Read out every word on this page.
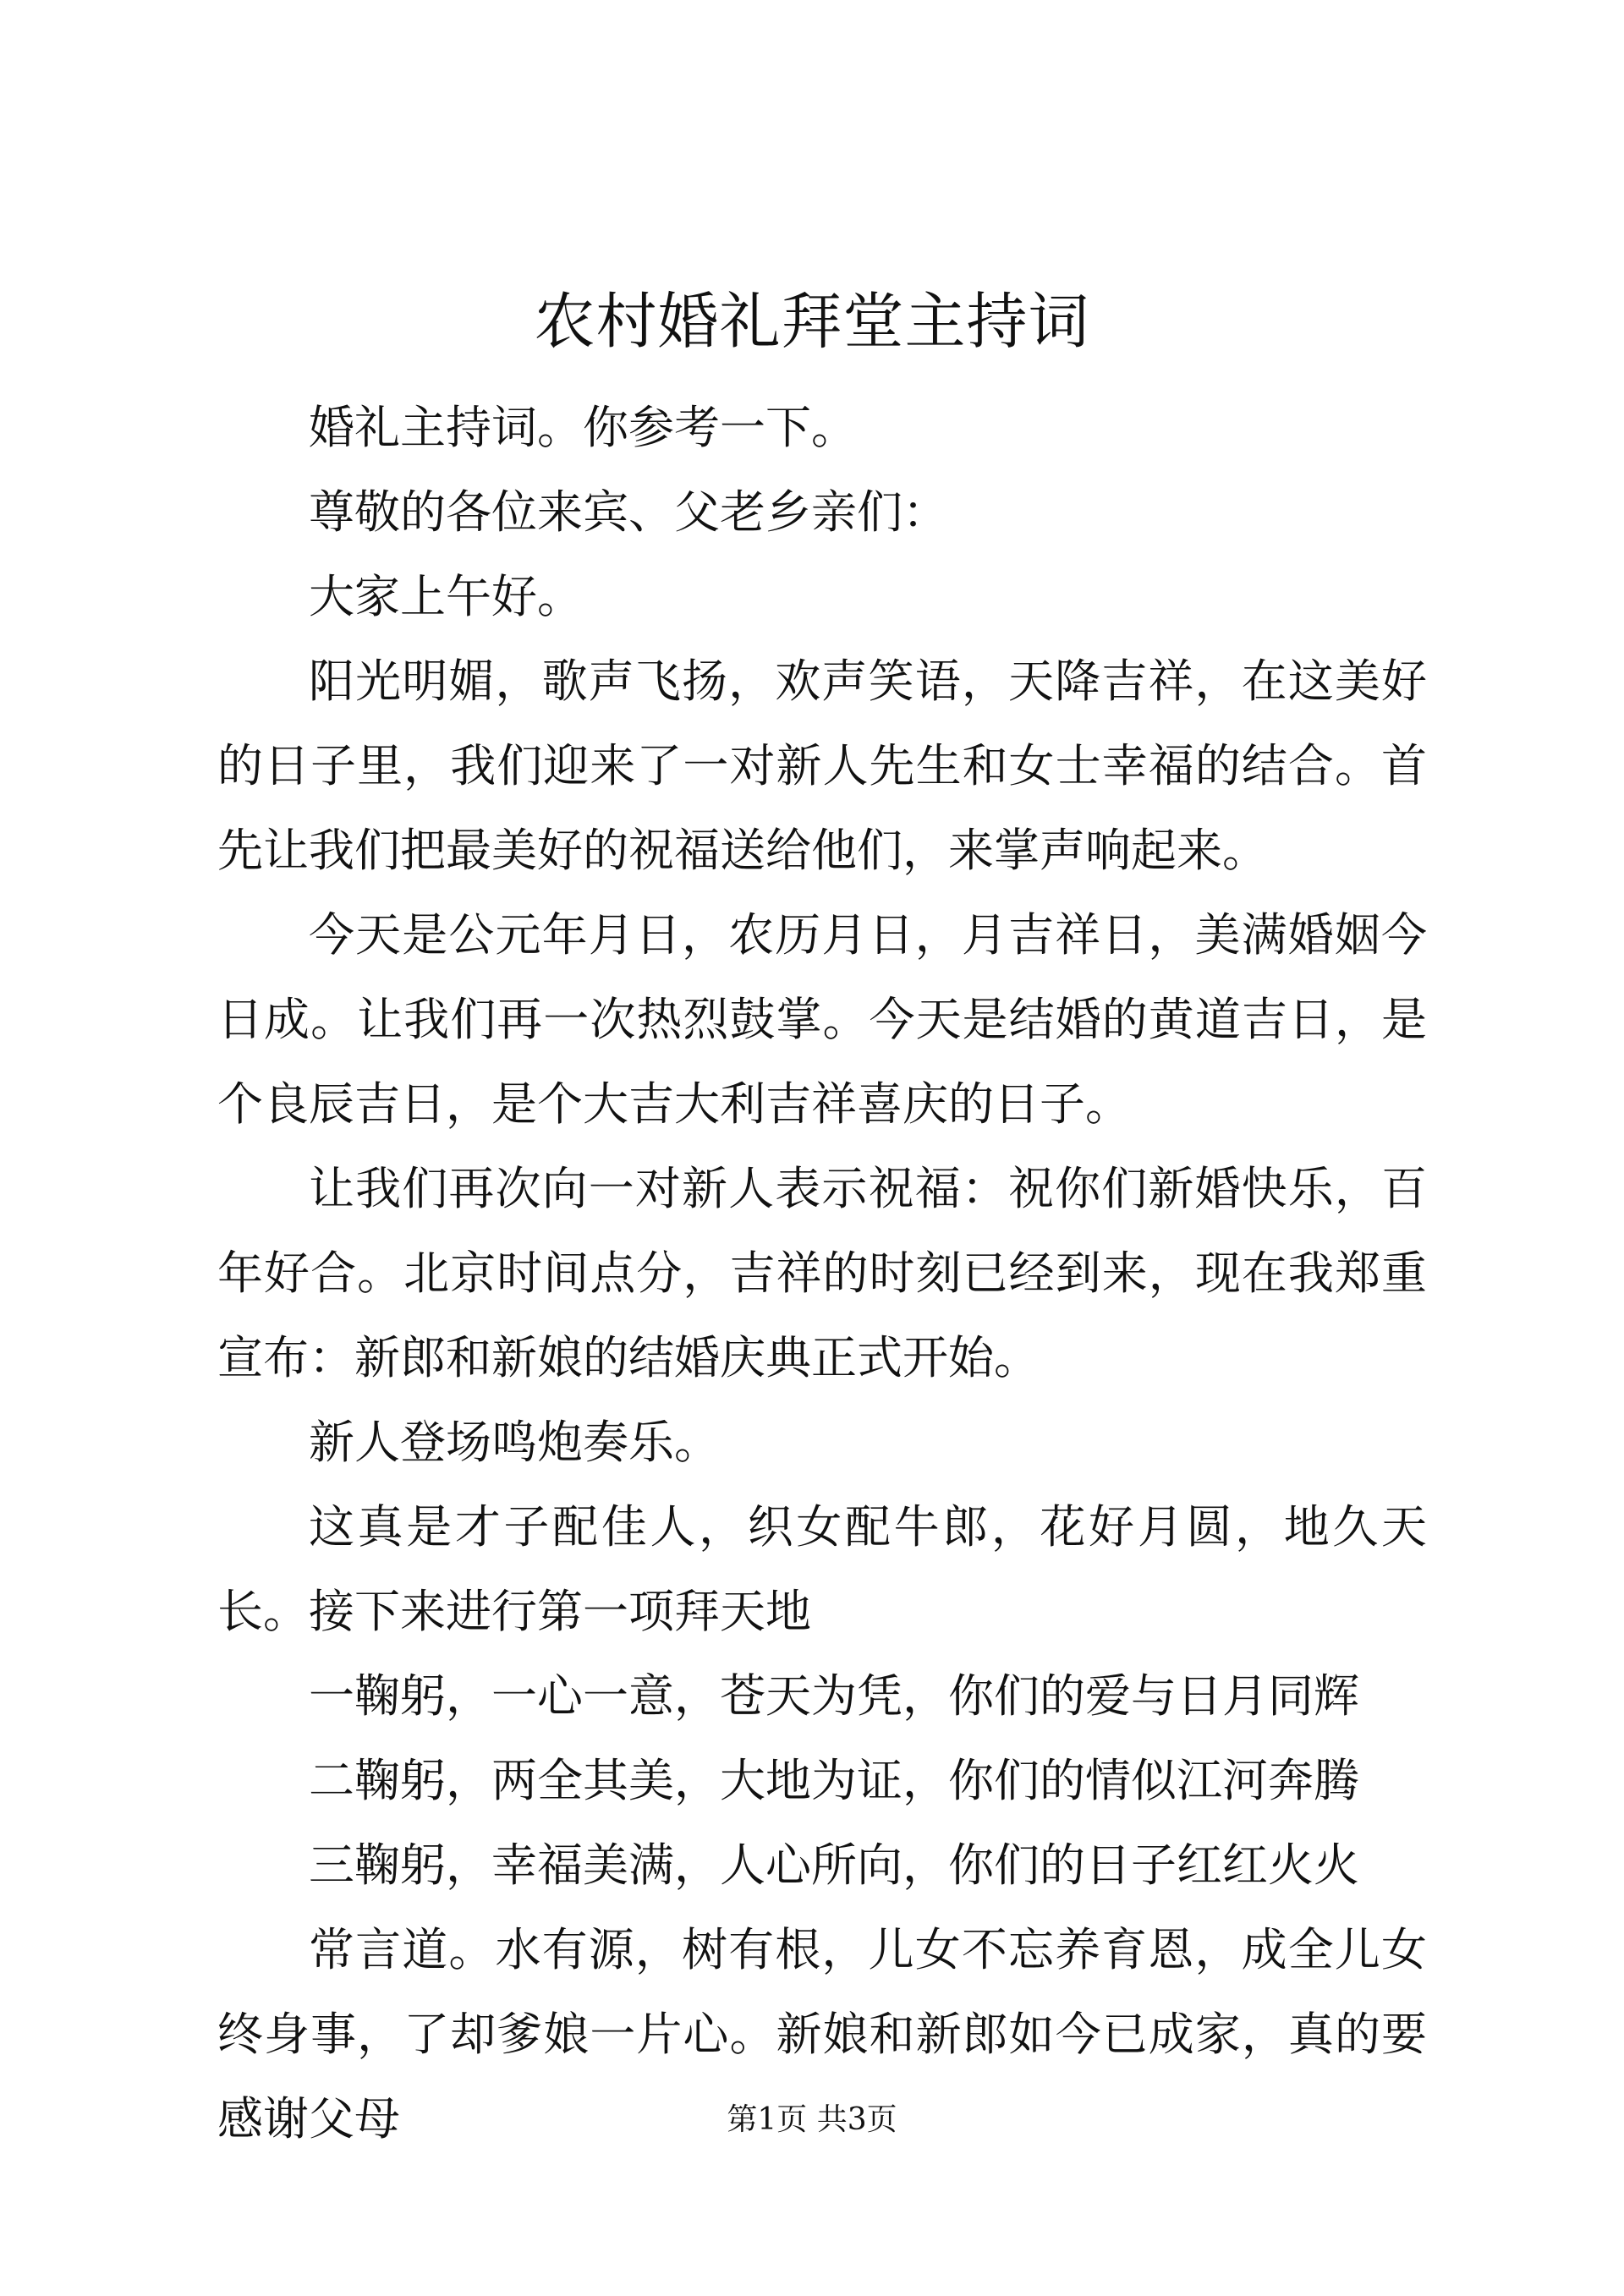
农村婚礼拜堂主持词

婚礼主持词。你参考一下。

尊敬的各位来宾、父老乡亲们：

大家上午好。

阳光明媚，歌声飞扬，欢声笑语，天降吉祥，在这美好的日子里，我们迎来了一对新人先生和女士幸福的结合。首先让我们把最美好的祝福送给他们，来掌声响起来。

今天是公元年月日，农历月日，月吉祥日，美满婚姻今日成。让我们再一次热烈鼓掌。今天是结婚的黄道吉日，是个良辰吉日，是个大吉大利吉祥喜庆的日子。

让我们再次向一对新人表示祝福：祝你们新婚快乐，百年好合。北京时间点分，吉祥的时刻已经到来，现在我郑重宣布：新郎和新娘的结婚庆典正式开始。

新人登场鸣炮奏乐。

这真是才子配佳人，织女配牛郎，花好月圆，地久天长。接下来进行第一项拜天地

一鞠躬，一心一意，苍天为凭，你们的爱与日月同辉

二鞠躬，两全其美，大地为证，你们的情似江河奔腾

三鞠躬，幸福美满，人心所向，你们的日子红红火火

常言道。水有源，树有根，儿女不忘养育恩，成全儿女终身事，了却爹娘一片心。新娘和新郎如今已成家，真的要感谢父母	第1页 共3页
